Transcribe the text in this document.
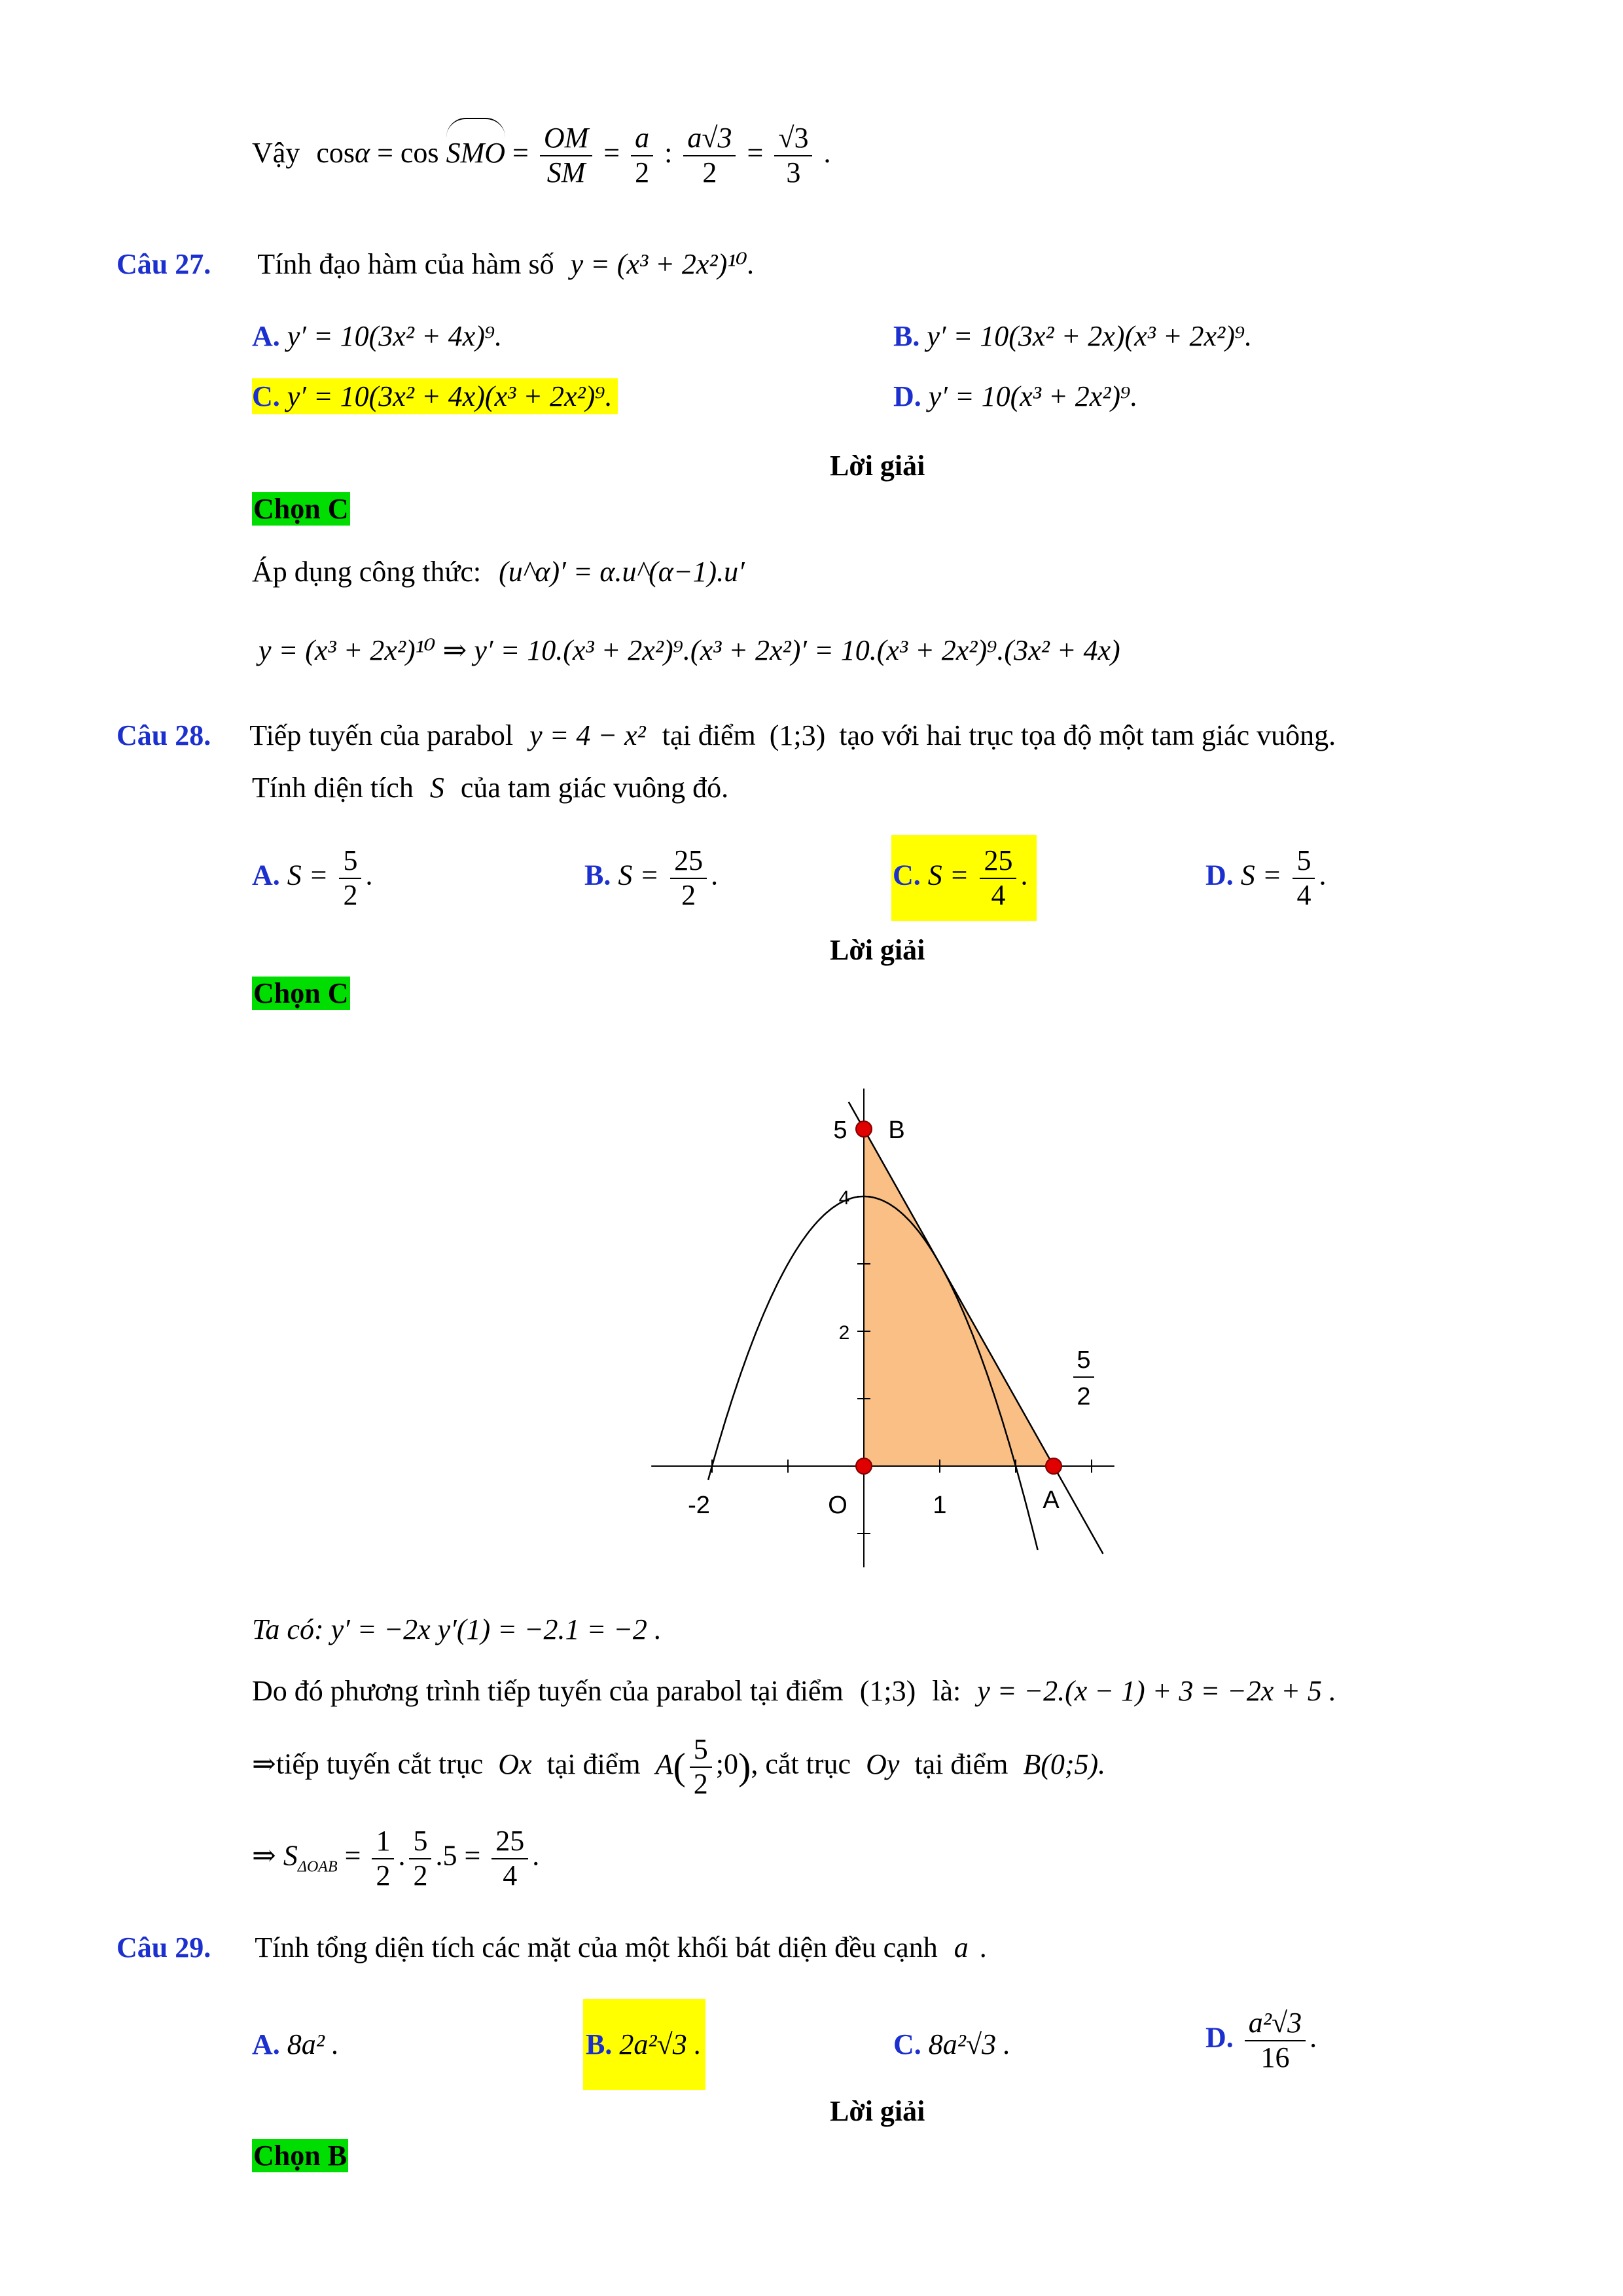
Vậy cosα = cos SMO = $\frac{OM}{SM} = \frac{a}{2}$ : $\frac{a√3}{2} = \frac{√3}{3}$ .
Câu 27. Tính đạo hàm của hàm số y = (x³ + 2x²)¹⁰.
A. y′ = 10(3x² + 4x)⁹.	B. y′ = 10(3x² + 2x)(x³ + 2x²)⁹.
C. y′ = 10(3x² + 4x)(x³ + 2x²)⁹.	D. y′ = 10(x³ + 2x²)⁹.
Lời giải
Chọn C
Áp dụng công thức: (u^α)′ = α.u^(α−1).u′
y = (x³ + 2x²)¹⁰ ⇒ y′ = 10.(x³ + 2x²)⁹.(x³ + 2x²)′ = 10.(x³ + 2x²)⁹.(3x² + 4x)
Câu 28. Tiếp tuyến của parabol y = 4 − x² tại điểm (1;3) tạo với hai trục tọa độ một tam giác vuông.
Tính diện tích S của tam giác vuông đó.
A. $S = \frac{5}{2}$ .	B. $S = \frac{25}{2}$ .	C. $S = \frac{25}{4}$ .	D. $S = \frac{5}{4}$ .
Lời giải
Chọn C
-2	1
2
4
5
O
B
A
5
2
Ta có: y′ = −2x y′(1) = −2.1 = −2 .
Do đó phương trình tiếp tuyến của parabol tại điểm (1;3) là: y = −2.(x − 1) + 3 = −2x + 5 .
⇒tiếp tuyến cắt trục Ox tại điểm $A( \frac{5}{2}$ ;0), cắt trục Oy tại điểm B(0;5).
⇒ $S_{\Delta OAB} = \frac{1}{2}$ . $\frac{5}{2} .5 = \frac{25}{4}$ .
Câu 29. Tính tổng diện tích các mặt của một khối bát diện đều cạnh a .
A. 8a² .	B. 2a²√3 .	C. 8a²√3 .	D. $\frac{\text{a²√3}}{16}$ .
Lời giải
Chọn B
